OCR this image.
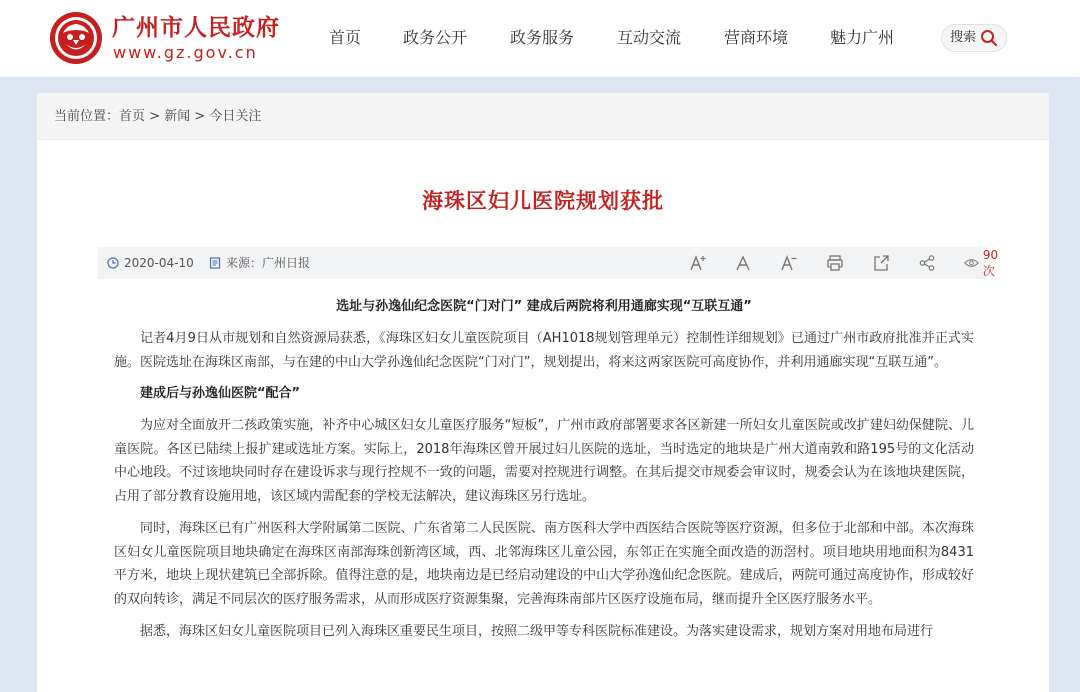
广州市人民政府
www.gz.gov.cn
首页	政务公开	政务服务	互动交流	营商环境	魅力广州	搜索
当前位置：首页 > 新闻 > 今日关注
海珠区妇儿医院规划获批
2020-04-10	来源：广州日报
90次

选址与孙逸仙纪念医院“门对门” 建成后两院将利用通廊实现“互联互通”

记者4月9日从市规划和自然资源局获悉，《海珠区妇女儿童医院项目（AH1018规划管理单元）控制性详细规划》已通过广州市政府批准并正式实施。医院选址在海珠区南部，与在建的中山大学孙逸仙纪念医院“门对门”，规划提出，将来这两家医院可高度协作，并利用通廊实现“互联互通”。

建成后与孙逸仙医院“配合”

为应对全面放开二孩政策实施，补齐中心城区妇女儿童医疗服务“短板”，广州市政府部署要求各区新建一所妇女儿童医院或改扩建妇幼保健院、儿童医院。各区已陆续上报扩建或选址方案。实际上，2018年海珠区曾开展过妇儿医院的选址，当时选定的地块是广州大道南敦和路195号的文化活动中心地段。不过该地块同时存在建设诉求与现行控规不一致的问题，需要对控规进行调整。在其后提交市规委会审议时，规委会认为在该地块建医院，占用了部分教育设施用地，该区域内需配套的学校无法解决，建议海珠区另行选址。

同时，海珠区已有广州医科大学附属第二医院、广东省第二人民医院、南方医科大学中西医结合医院等医疗资源，但多位于北部和中部。本次海珠区妇女儿童医院项目地块确定在海珠区南部海珠创新湾区域，西、北邻海珠区儿童公园，东邻正在实施全面改造的沥滘村。项目地块用地面积为8431平方米，地块上现状建筑已全部拆除。值得注意的是，地块南边是已经启动建设的中山大学孙逸仙纪念医院。建成后，两院可通过高度协作，形成较好的双向转诊，满足不同层次的医疗服务需求，从而形成医疗资源集聚，完善海珠南部片区医疗设施布局，继而提升全区医疗服务水平。

据悉，海珠区妇女儿童医院项目已列入海珠区重要民生项目，按照二级甲等专科医院标准建设。为落实建设需求，规划方案对用地布局进行
